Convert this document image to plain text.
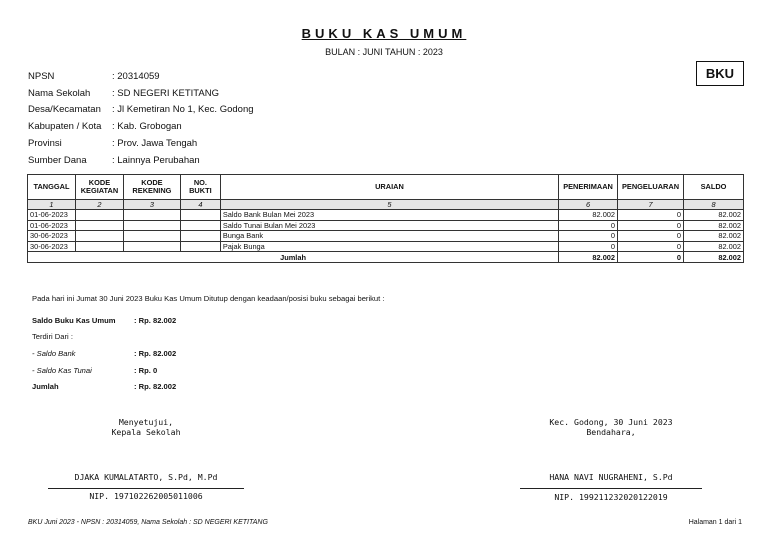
BUKU KAS UMUM
BULAN : JUNI TAHUN : 2023
BKU
NPSN	: 20314059
Nama Sekolah	: SD NEGERI KETITANG
Desa/Kecamatan	: Jl Kemetiran No 1, Kec. Godong
Kabupaten / Kota	: Kab. Grobogan
Provinsi	: Prov. Jawa Tengah
Sumber Dana	: Lainnya Perubahan
TANGGAL	KODE KEGIATAN	KODE REKENING	NO. BUKTI	URAIAN	PENERIMAAN	PENGELUARAN	SALDO
1	2	3	4	5	6	7	8
01-06-2023				Saldo Bank Bulan Mei 2023	82.002	0	82.002
01-06-2023				Saldo Tunai Bulan Mei 2023	0	0	82.002
30-06-2023				Bunga Bank	0	0	82.002
30-06-2023				Pajak Bunga	0	0	82.002
Jumlah					82.002	0	82.002
Pada hari ini Jumat 30 Juni 2023 Buku Kas Umum Ditutup dengan keadaan/posisi buku sebagai berikut :
Saldo Buku Kas Umum	: Rp. 82.002
Terdiri Dari :
- Saldo Bank	: Rp. 82.002
- Saldo Kas Tunai	: Rp. 0
Jumlah	: Rp. 82.002
Menyetujui,
Kepala Sekolah
DJAKA KUMALATARTO, S.Pd, M.Pd
NIP. 197102262005011006
Kec. Godong, 30 Juni 2023
Bendahara,
HANA NAVI NUGRAHENI, S.Pd
NIP. 199211232020122019
BKU Juni 2023 - NPSN : 20314059, Nama Sekolah : SD NEGERI KETITANG	Halaman 1 dari 1
